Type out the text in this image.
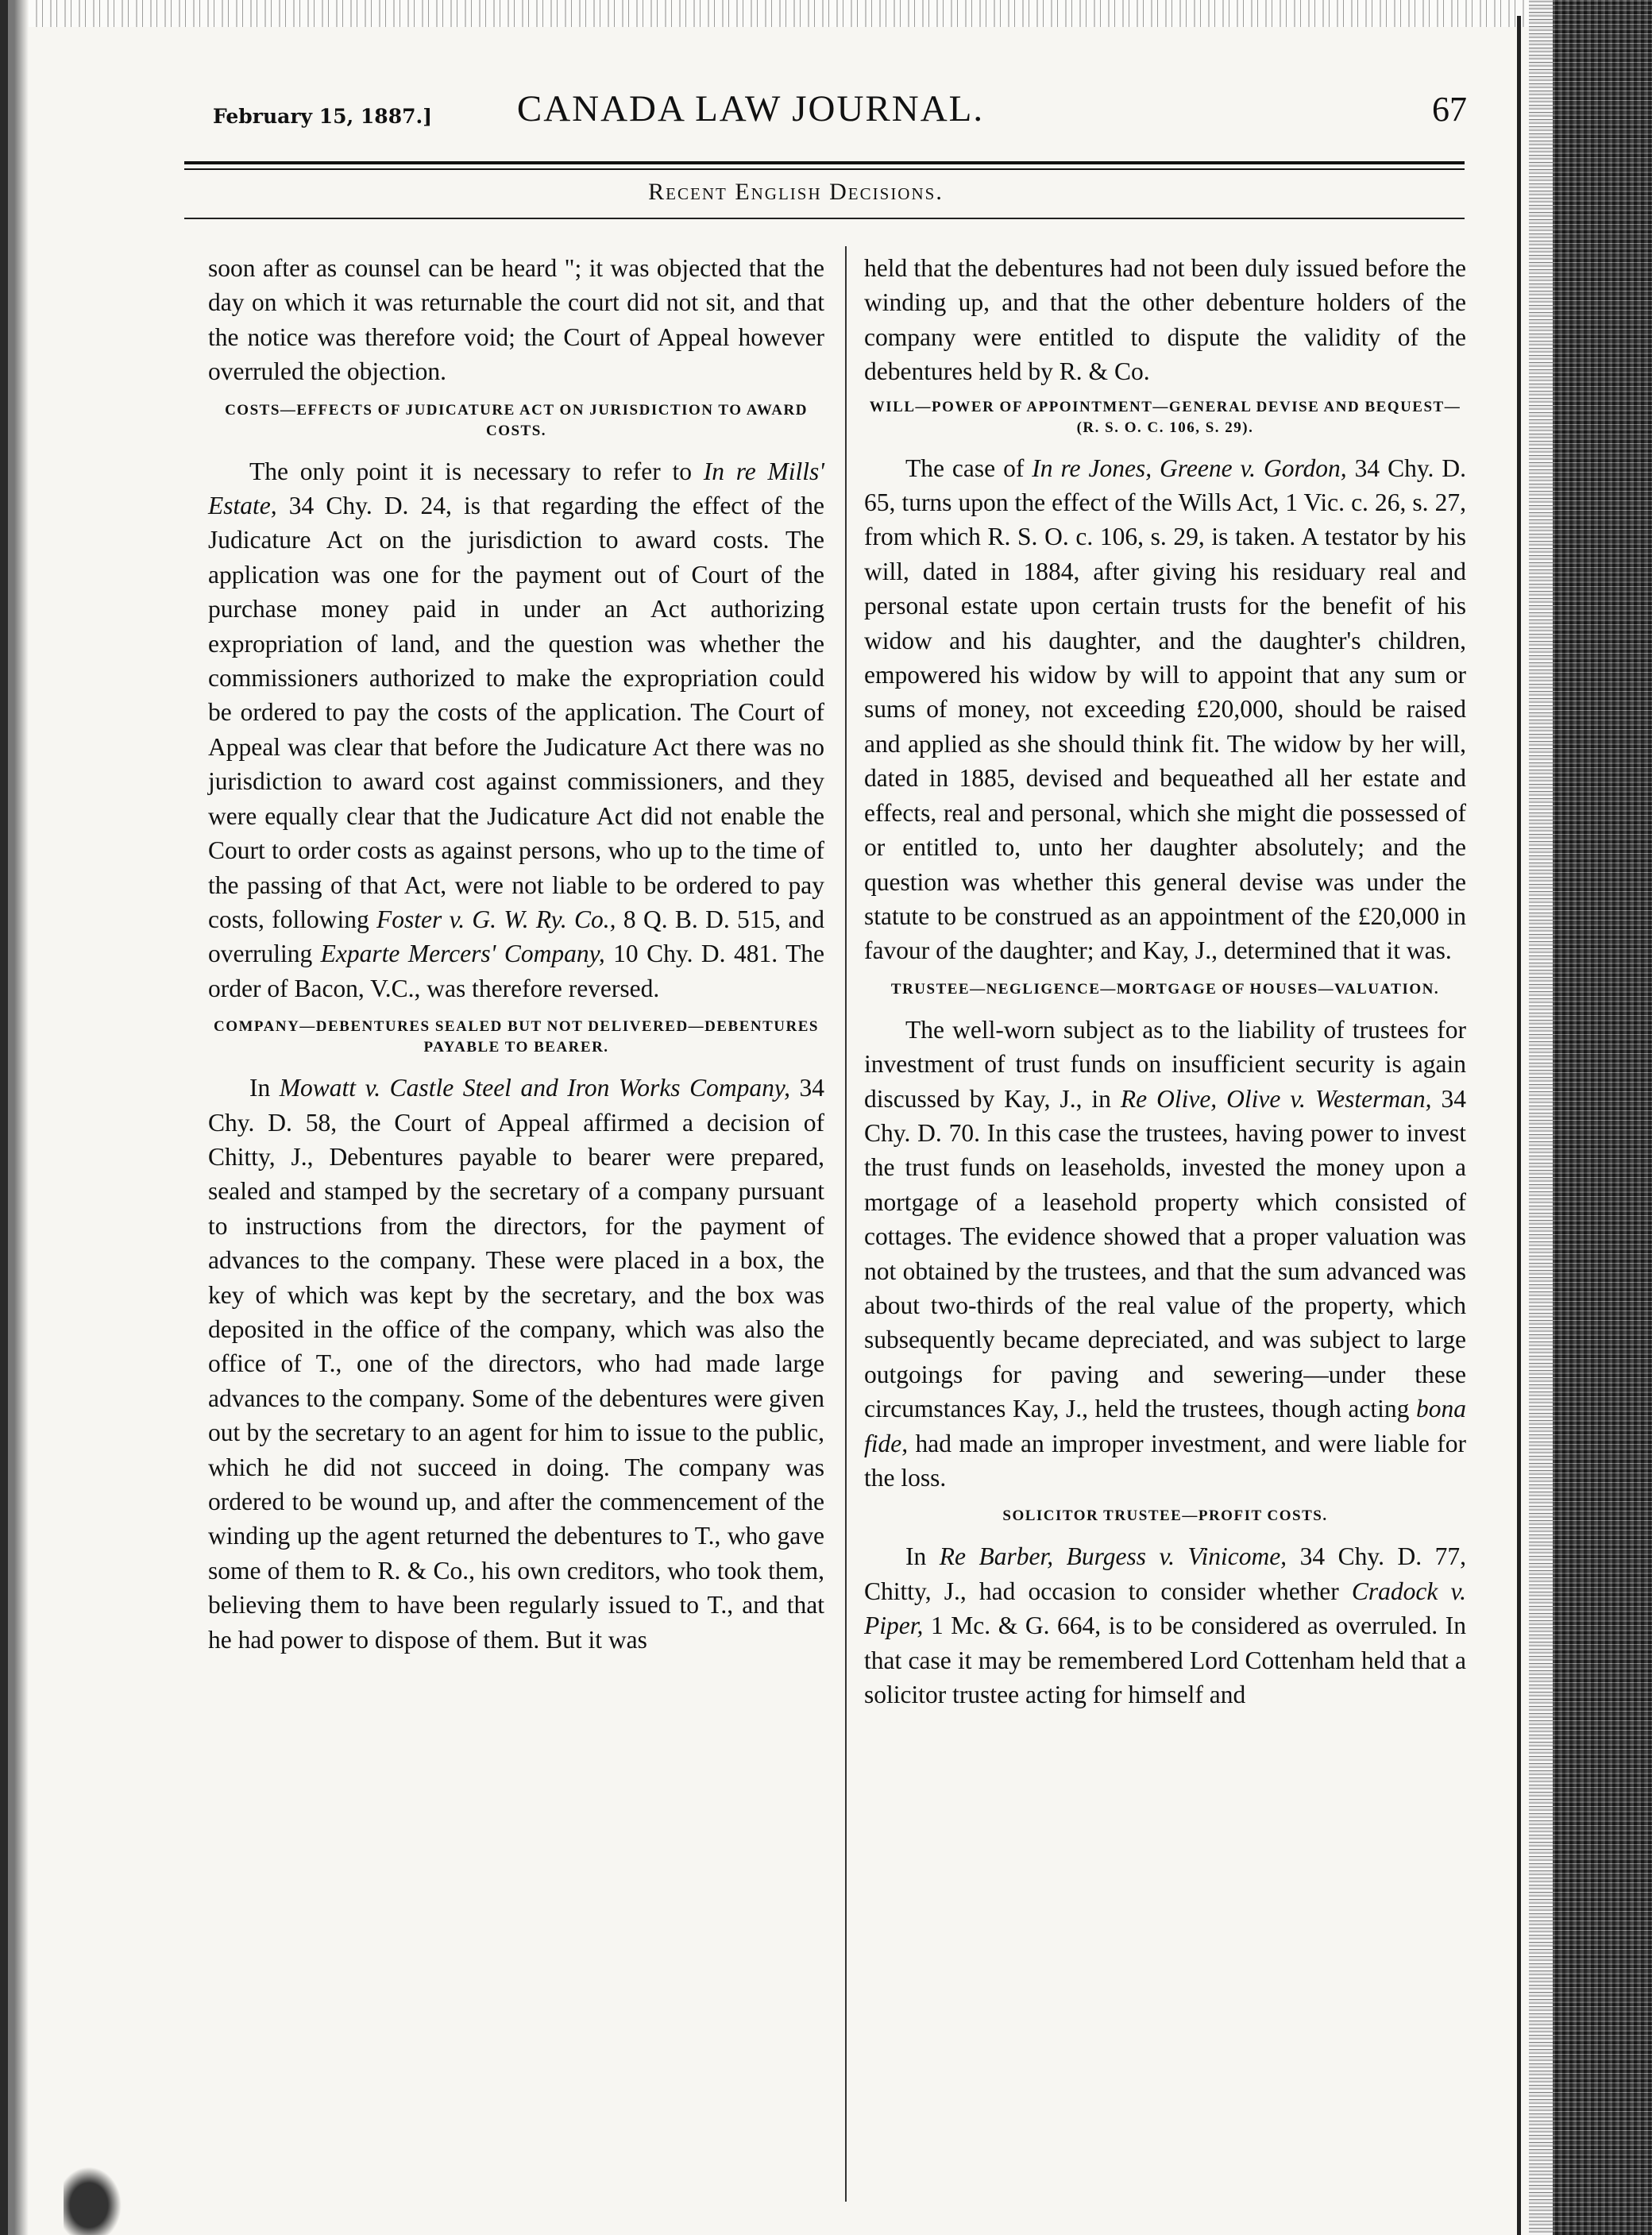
February 15, 1887.]	CANADA LAW JOURNAL.	67
Recent English Decisions.

soon after as counsel can be heard "; it was objected that the day on which it was returnable the court did not sit, and that the notice was therefore void; the Court of Appeal however overruled the objection.

COSTS—EFFECTS OF JUDICATURE ACT ON JURISDICTION TO AWARD COSTS.

The only point it is necessary to refer to In re Mills' Estate, 34 Chy. D. 24, is that regarding the effect of the Judicature Act on the jurisdiction to award costs. The application was one for the payment out of Court of the purchase money paid in under an Act authorizing expropriation of land, and the question was whether the commissioners authorized to make the expropriation could be ordered to pay the costs of the application. The Court of Appeal was clear that before the Judicature Act there was no jurisdiction to award cost against commissioners, and they were equally clear that the Judicature Act did not enable the Court to order costs as against persons, who up to the time of the passing of that Act, were not liable to be ordered to pay costs, following Foster v. G. W. Ry. Co., 8 Q. B. D. 515, and overruling Exparte Mercers' Company, 10 Chy. D. 481. The order of Bacon, V.C., was therefore reversed.

COMPANY—DEBENTURES SEALED BUT NOT DELIVERED—DEBENTURES PAYABLE TO BEARER.

In Mowatt v. Castle Steel and Iron Works Company, 34 Chy. D. 58, the Court of Appeal affirmed a decision of Chitty, J., Debentures payable to bearer were prepared, sealed and stamped by the secretary of a company pursuant to instructions from the directors, for the payment of advances to the company. These were placed in a box, the key of which was kept by the secretary, and the box was deposited in the office of the company, which was also the office of T., one of the directors, who had made large advances to the company. Some of the debentures were given out by the secretary to an agent for him to issue to the public, which he did not succeed in doing. The company was ordered to be wound up, and after the commencement of the winding up the agent returned the debentures to T., who gave some of them to R. & Co., his own creditors, who took them, believing them to have been regularly issued to T., and that he had power to dispose of them. But it was

held that the debentures had not been duly issued before the winding up, and that the other debenture holders of the company were entitled to dispute the validity of the debentures held by R. & Co.

WILL—POWER OF APPOINTMENT—GENERAL DEVISE AND BEQUEST—(R. S. O. C. 106, S. 29).

The case of In re Jones, Greene v. Gordon, 34 Chy. D. 65, turns upon the effect of the Wills Act, 1 Vic. c. 26, s. 27, from which R. S. O. c. 106, s. 29, is taken. A testator by his will, dated in 1884, after giving his residuary real and personal estate upon certain trusts for the benefit of his widow and his daughter, and the daughter's children, empowered his widow by will to appoint that any sum or sums of money, not exceeding £20,000, should be raised and applied as she should think fit. The widow by her will, dated in 1885, devised and bequeathed all her estate and effects, real and personal, which she might die possessed of or entitled to, unto her daughter absolutely; and the question was whether this general devise was under the statute to be construed as an appointment of the £20,000 in favour of the daughter; and Kay, J., determined that it was.

TRUSTEE—NEGLIGENCE—MORTGAGE OF HOUSES—VALUATION.

The well-worn subject as to the liability of trustees for investment of trust funds on insufficient security is again discussed by Kay, J., in Re Olive, Olive v. Westerman, 34 Chy. D. 70. In this case the trustees, having power to invest the trust funds on leaseholds, invested the money upon a mortgage of a leasehold property which consisted of cottages. The evidence showed that a proper valuation was not obtained by the trustees, and that the sum advanced was about two-thirds of the real value of the property, which subsequently became depreciated, and was subject to large outgoings for paving and sewering—under these circumstances Kay, J., held the trustees, though acting bona fide, had made an improper investment, and were liable for the loss.

SOLICITOR TRUSTEE—PROFIT COSTS.

In Re Barber, Burgess v. Vinicome, 34 Chy. D. 77, Chitty, J., had occasion to consider whether Cradock v. Piper, 1 Mc. & G. 664, is to be considered as overruled. In that case it may be remembered Lord Cottenham held that a solicitor trustee acting for himself and
